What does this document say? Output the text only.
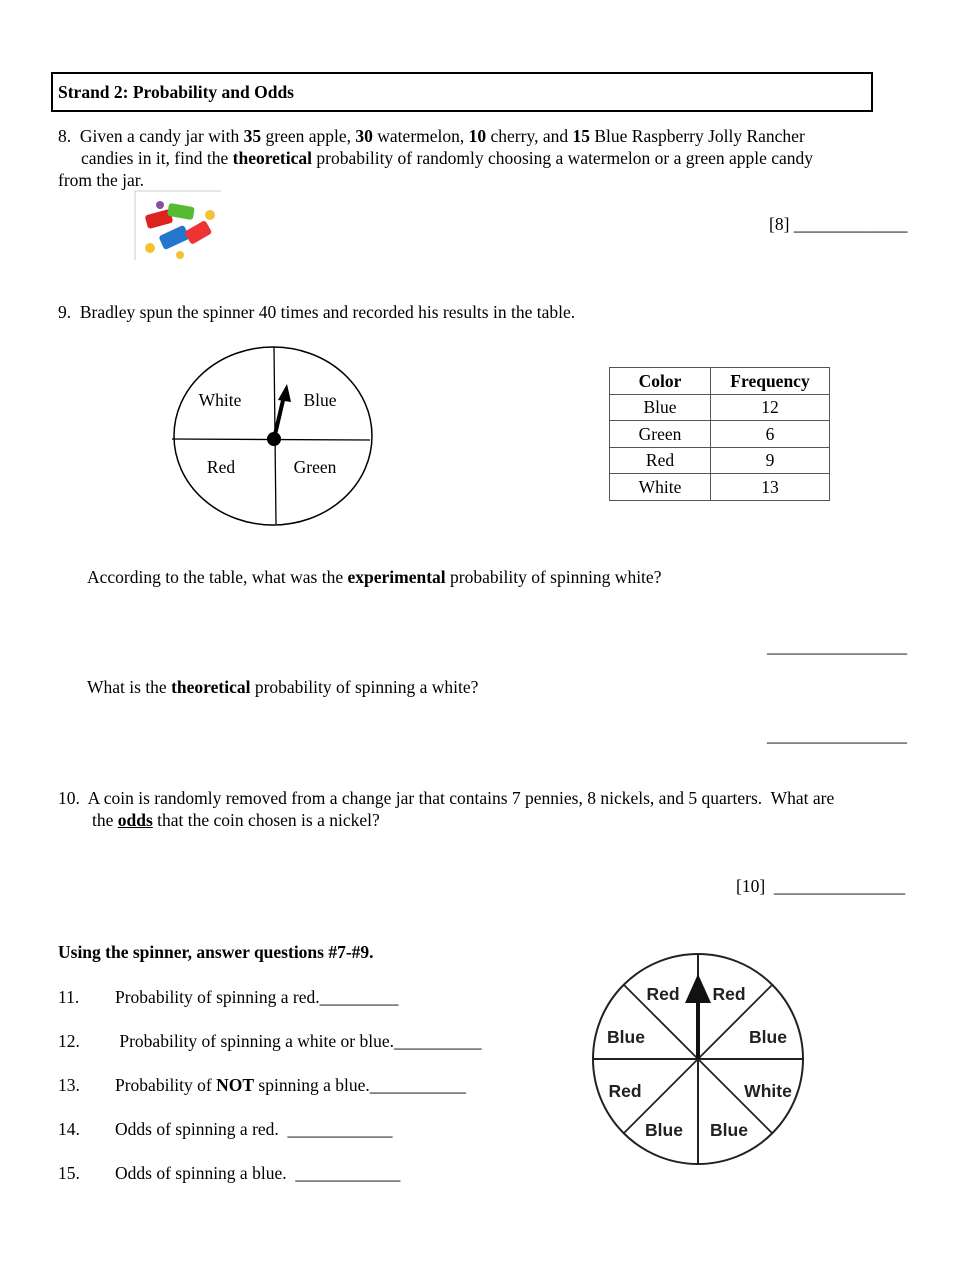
Strand 2: Probability and Odds
8.  Given a candy jar with 35 green apple, 30 watermelon, 10 cherry, and 15 Blue Raspberry Jolly Rancher
candies in it, find the theoretical probability of randomly choosing a watermelon or a green apple candy
from the jar.
White	Blue
Red	Green
Red Red
Blue	Blue
Red	White
Blue Blue
[8] _____________
9.  Bradley spun the spinner 40 times and recorded his results in the table.
Color	Frequency
Blue	12
Green	6
Red	9
White	13
According to the table, what was the experimental probability of spinning white?
________________
What is the theoretical probability of spinning a white?
________________
10.  A coin is randomly removed from a change jar that contains 7 pennies, 8 nickels, and 5 quarters.  What are
the odds that the coin chosen is a nickel?
[10]  _______________
Using the spinner, answer questions #7-#9.
11. Probability of spinning a red._________
12. Probability of spinning a white or blue.__________
13. Probability of NOT spinning a blue.___________
14. Odds of spinning a red.  ____________
15. Odds of spinning a blue.  ____________
